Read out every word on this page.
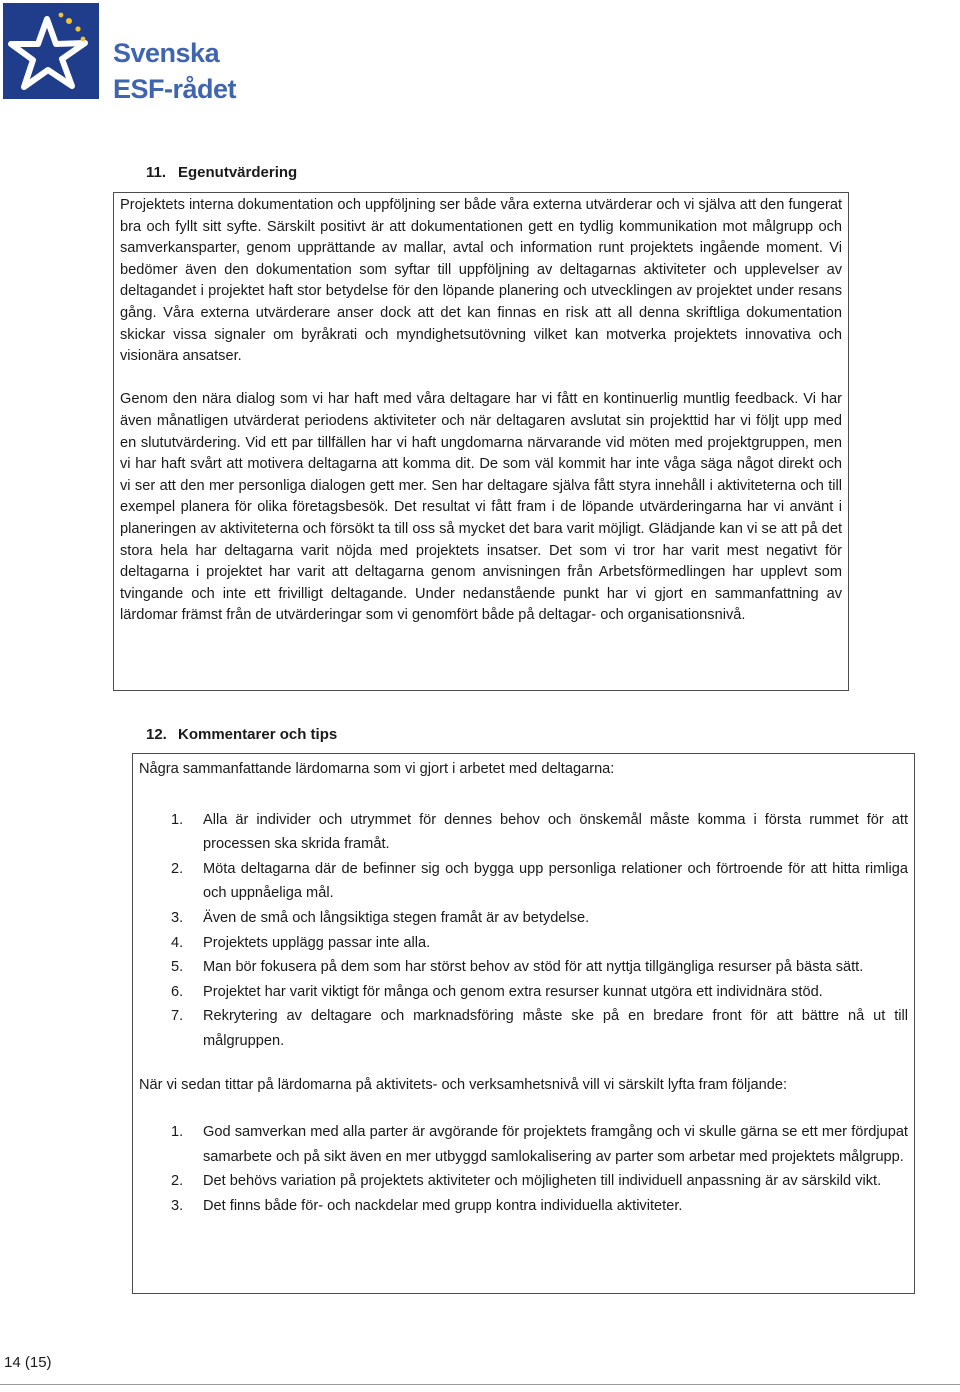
Svenska
ESF-rådet
11. Egenutvärdering

Projektets interna dokumentation och uppföljning ser både våra externa utvärderar och vi själva att den fungerat bra och fyllt sitt syfte. Särskilt positivt är att dokumentationen gett en tydlig kommunikation mot målgrupp och samverkansparter, genom upprättande av mallar, avtal och information runt projektets ingående moment. Vi bedömer även den dokumentation som syftar till uppföljning av deltagarnas aktiviteter och upplevelser av deltagandet i projektet haft stor betydelse för den löpande planering och utvecklingen av projektet under resans gång. Våra externa utvärderare anser dock att det kan finnas en risk att all denna skriftliga dokumentation skickar vissa signaler om byråkrati och myndighetsutövning vilket kan motverka projektets innovativa och visionära ansatser.

Genom den nära dialog som vi har haft med våra deltagare har vi fått en kontinuerlig muntlig feedback. Vi har även månatligen utvärderat periodens aktiviteter och när deltagaren avslutat sin projekttid har vi följt upp med en slututvärdering. Vid ett par tillfällen har vi haft ungdomarna närvarande vid möten med projektgruppen, men vi har haft svårt att motivera deltagarna att komma dit. De som väl kommit har inte våga säga något direkt och vi ser att den mer personliga dialogen gett mer. Sen har deltagare själva fått styra innehåll i aktiviteterna och till exempel planera för olika företagsbesök. Det resultat vi fått fram i de löpande utvärderingarna har vi använt i planeringen av aktiviteterna och försökt ta till oss så mycket det bara varit möjligt. Glädjande kan vi se att på det stora hela har deltagarna varit nöjda med projektets insatser. Det som vi tror har varit mest negativt för deltagarna i projektet har varit att deltagarna genom anvisningen från Arbetsförmedlingen har upplevt som tvingande och inte ett frivilligt deltagande. Under nedanstående punkt har vi gjort en sammanfattning av lärdomar främst från de utvärderingar som vi genomfört både på deltagar- och organisationsnivå.

12. Kommentarer och tips

Några sammanfattande lärdomarna som vi gjort i arbetet med deltagarna:

1. Alla är individer och utrymmet för dennes behov och önskemål måste komma i första rummet för att processen ska skrida framåt.
2. Möta deltagarna där de befinner sig och bygga upp personliga relationer och förtroende för att hitta rimliga och uppnåeliga mål.
3. Även de små och långsiktiga stegen framåt är av betydelse.
4. Projektets upplägg passar inte alla.
5. Man bör fokusera på dem som har störst behov av stöd för att nyttja tillgängliga resurser på bästa sätt.
6. Projektet har varit viktigt för många och genom extra resurser kunnat utgöra ett individnära stöd.
7. Rekrytering av deltagare och marknadsföring måste ske på en bredare front för att bättre nå ut till målgruppen.

När vi sedan tittar på lärdomarna på aktivitets- och verksamhetsnivå vill vi särskilt lyfta fram följande:

1. God samverkan med alla parter är avgörande för projektets framgång och vi skulle gärna se ett mer fördjupat samarbete och på sikt även en mer utbyggd samlokalisering av parter som arbetar med projektets målgrupp.
2. Det behövs variation på projektets aktiviteter och möjligheten till individuell anpassning är av särskild vikt.
3. Det finns både för- och nackdelar med grupp kontra individuella aktiviteter.
14 (15)
